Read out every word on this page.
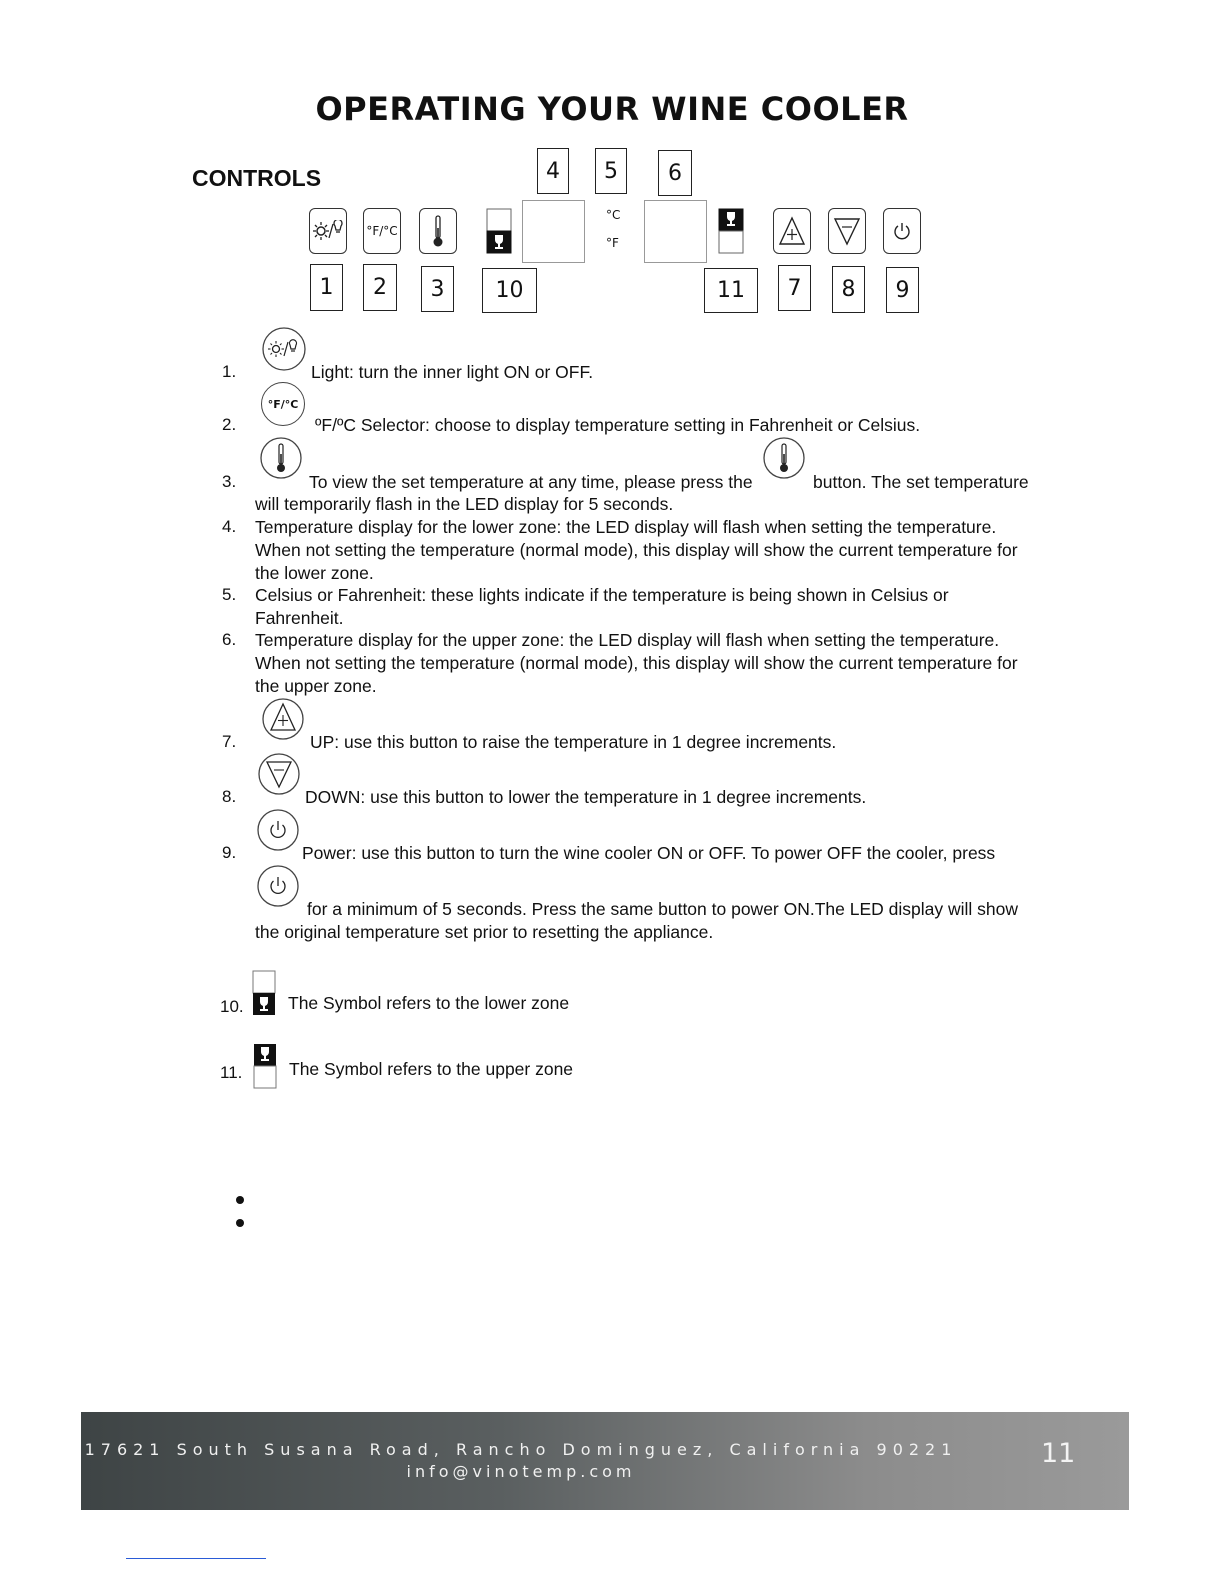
OPERATING YOUR WINE COOLER
CONTROLS	4	5	6
°F/°C
°C
°F
1	2	3	10	11	7	8	9
1.	Light: turn the inner light ON or OFF.
2.
°F/°C
ºF/ºC Selector: choose to display temperature setting in Fahrenheit or Celsius.
3.	To view the set temperature at any time, please press the	button. The set temperature
will temporarily flash in the LED display for 5 seconds.
4. Temperature display for the lower zone: the LED display will flash when setting the temperature.
When not setting the temperature (normal mode), this display will show the current temperature for
the lower zone.
5. Celsius or Fahrenheit: these lights indicate if the temperature is being shown in Celsius or
Fahrenheit.
6. Temperature display for the upper zone: the LED display will flash when setting the temperature.
When not setting the temperature (normal mode), this display will show the current temperature for
the upper zone.
7.	UP: use this button to raise the temperature in 1 degree increments.
8.	DOWN: use this button to lower the temperature in 1 degree increments.
9.	Power: use this button to turn the wine cooler ON or OFF. To power OFF the cooler, press
for a minimum of 5 seconds. Press the same button to power ON.The LED display will show
the original temperature set prior to resetting the appliance.
10.	The Symbol refers to the lower zone
11.	The Symbol refers to the upper zone
17621 South Susana Road, Rancho Dominguez, California 90221
info@vinotemp.com
11
